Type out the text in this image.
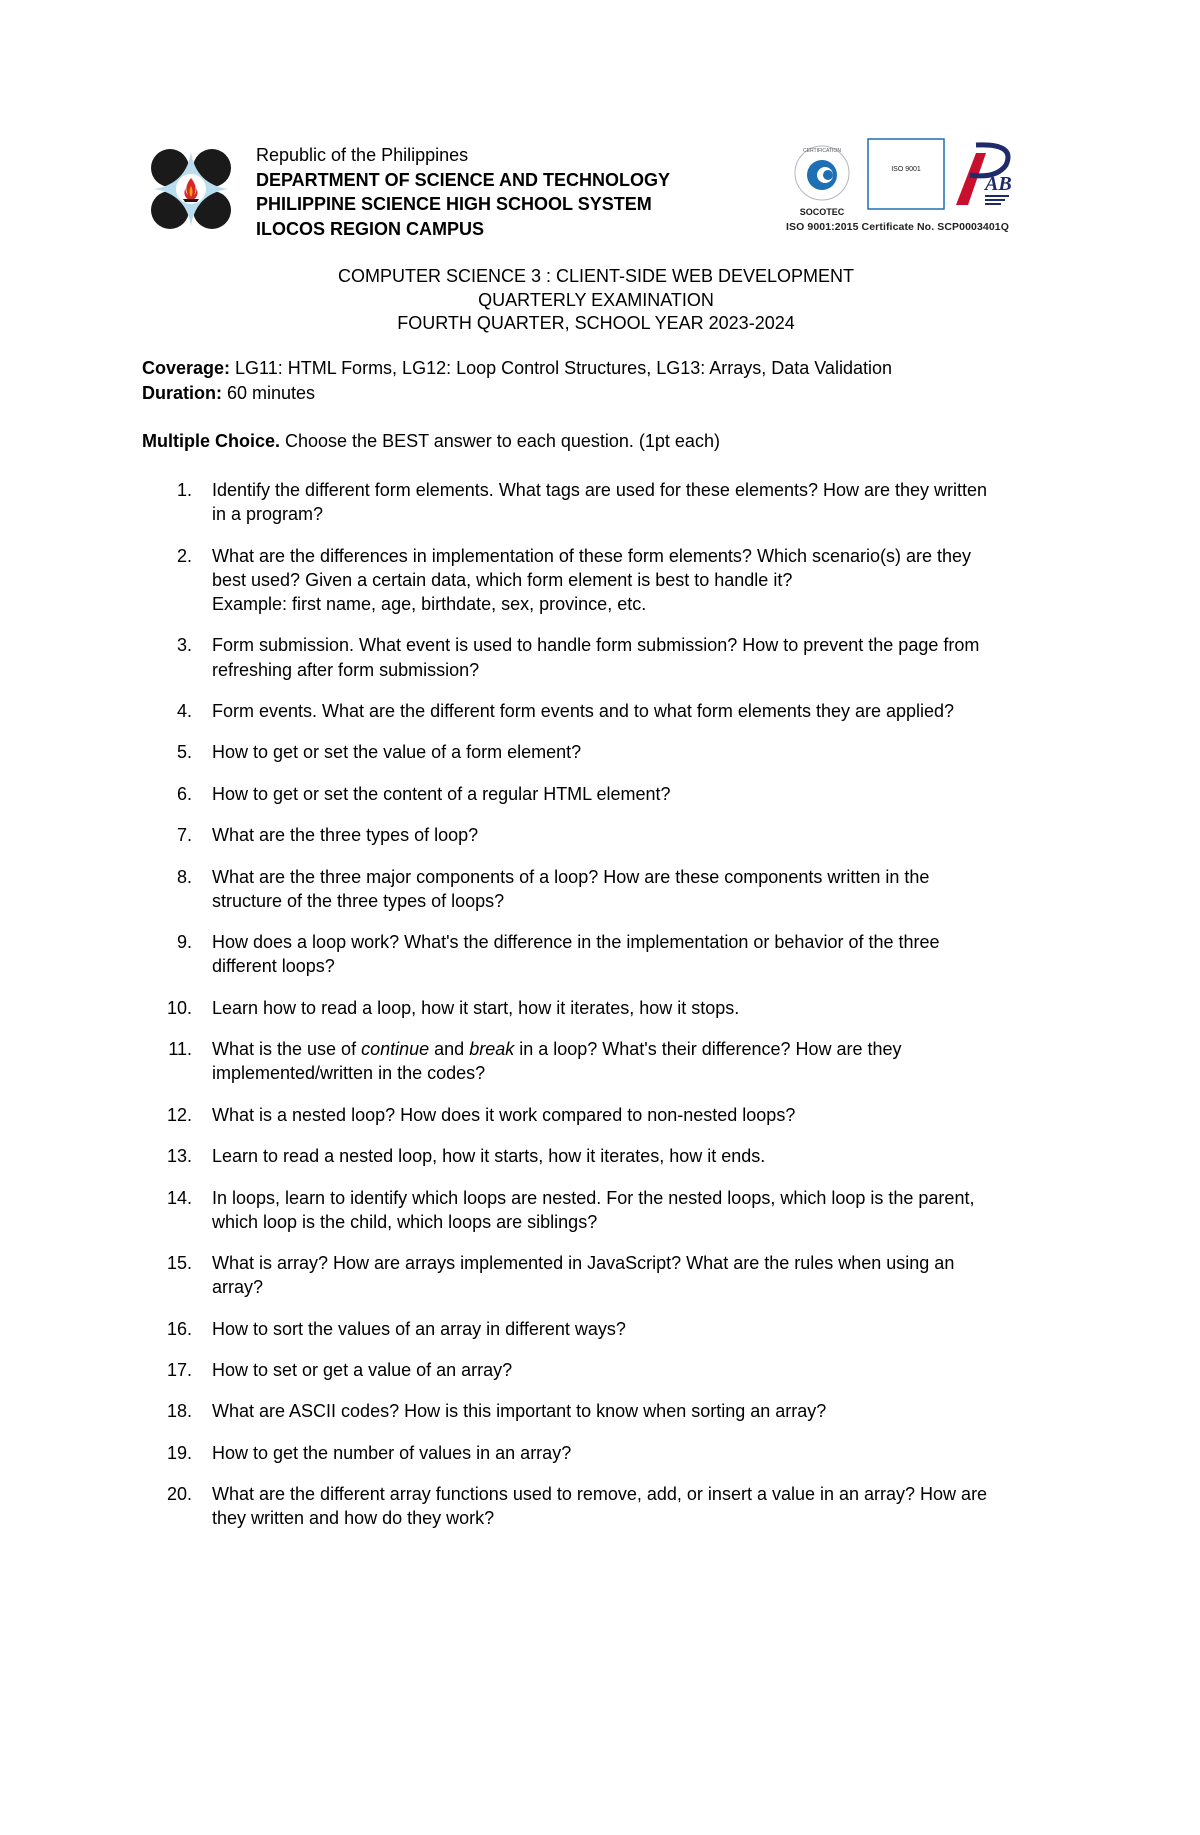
Republic of the Philippines
DEPARTMENT OF SCIENCE AND TECHNOLOGY
PHILIPPINE SCIENCE HIGH SCHOOL SYSTEM
ILOCOS REGION CAMPUS
CERTIFICATION
SOCOTEC
ISO 9001
AB
ISO 9001:2015 Certificate No. SCP0003401Q
COMPUTER SCIENCE 3 : CLIENT-SIDE WEB DEVELOPMENT
QUARTERLY EXAMINATION
FOURTH QUARTER, SCHOOL YEAR 2023-2024
Coverage: LG11: HTML Forms, LG12: Loop Control Structures, LG13: Arrays, Data Validation
Duration: 60 minutes
Multiple Choice. Choose the BEST answer to each question. (1pt each)
1. Identify the different form elements. What tags are used for these elements? How are they written
in a program?
2. What are the differences in implementation of these form elements? Which scenario(s) are they
best used? Given a certain data, which form element is best to handle it?
Example: first name, age, birthdate, sex, province, etc.
3. Form submission. What event is used to handle form submission? How to prevent the page from
refreshing after form submission?
4. Form events. What are the different form events and to what form elements they are applied?
5. How to get or set the value of a form element?
6. How to get or set the content of a regular HTML element?
7. What are the three types of loop?
8. What are the three major components of a loop? How are these components written in the
structure of the three types of loops?
9. How does a loop work? What's the difference in the implementation or behavior of the three
different loops?
10. Learn how to read a loop, how it start, how it iterates, how it stops.
11. What is the use of continue and break in a loop? What's their difference? How are they
implemented/written in the codes?
12. What is a nested loop? How does it work compared to non-nested loops?
13. Learn to read a nested loop, how it starts, how it iterates, how it ends.
14. In loops, learn to identify which loops are nested. For the nested loops, which loop is the parent,
which loop is the child, which loops are siblings?
15. What is array? How are arrays implemented in JavaScript? What are the rules when using an
array?
16. How to sort the values of an array in different ways?
17. How to set or get a value of an array?
18. What are ASCII codes? How is this important to know when sorting an array?
19. How to get the number of values in an array?
20. What are the different array functions used to remove, add, or insert a value in an array? How are
they written and how do they work?
